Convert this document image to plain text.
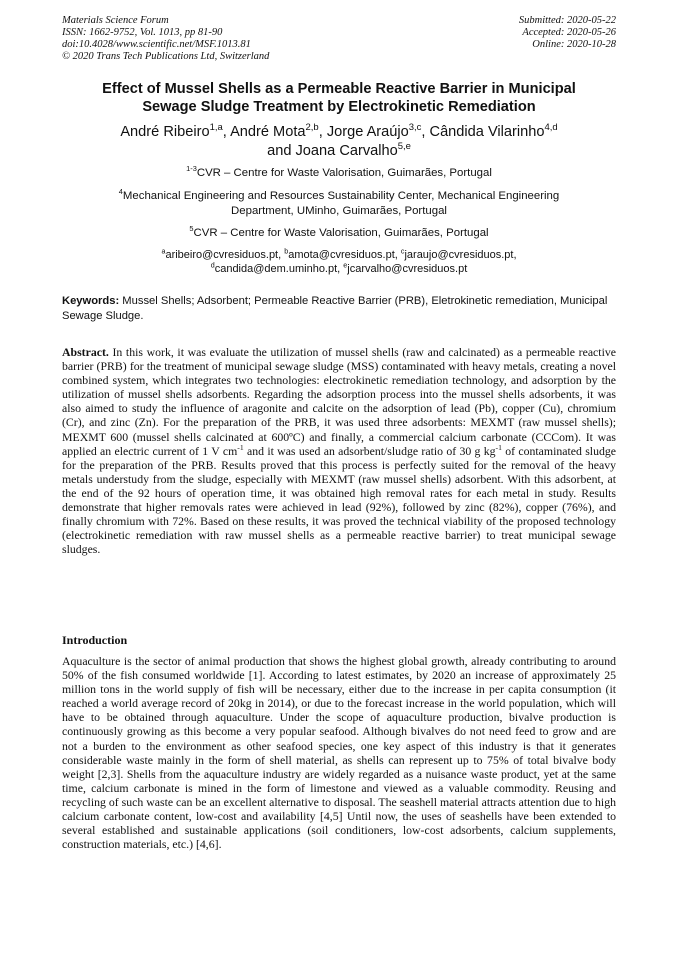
Materials Science Forum
ISSN: 1662-9752, Vol. 1013, pp 81-90
doi:10.4028/www.scientific.net/MSF.1013.81
© 2020 Trans Tech Publications Ltd, Switzerland
Submitted: 2020-05-22
Accepted: 2020-05-26
Online: 2020-10-28
Effect of Mussel Shells as a Permeable Reactive Barrier in Municipal
Sewage Sludge Treatment by Electrokinetic Remediation
André Ribeiro$^{1,a}$, André Mota$^{2,b}$, Jorge Araújo$^{3,c}$, Cândida Vilarinho$^{4,d}$
and Joana Carvalho$^{5,e}$
$^{1-3}$CVR – Centre for Waste Valorisation, Guimarães, Portugal
$^4$Mechanical Engineering and Resources Sustainability Center, Mechanical Engineering
Department, UMinho, Guimarães, Portugal
$^5$CVR – Centre for Waste Valorisation, Guimarães, Portugal
$^a$aribeiro@cvresiduos.pt, $^b$amota@cvresiduos.pt, $^c$jaraujo@cvresiduos.pt,
$^d$candida@dem.uminho.pt, $^e$jcarvalho@cvresiduos.pt
Keywords: Mussel Shells; Adsorbent; Permeable Reactive Barrier (PRB), Eletrokinetic remediation, Municipal Sewage Sludge.

Abstract. In this work, it was evaluate the utilization of mussel shells (raw and calcinated) as a permeable reactive barrier (PRB) for the treatment of municipal sewage sludge (MSS) contaminated with heavy metals, creating a novel combined system, which integrates two technologies: electrokinetic remediation technology, and adsorption by the utilization of mussel shells adsorbents. Regarding the adsorption process into the mussel shells adsorbents, it was also aimed to study the influence of aragonite and calcite on the adsorption of lead (Pb), copper (Cu), chromium (Cr), and zinc (Zn). For the preparation of the PRB, it was used three adsorbents: MEXMT (raw mussel shells); MEXMT 600 (mussel shells calcinated at 600ºC) and finally, a commercial calcium carbonate (CCCom). It was applied an electric current of 1 V $cm^{-1}$ and it was used an adsorbent/sludge ratio of 30 g $kg^{-1}$ of contaminated sludge for the preparation of the PRB. Results proved that this process is perfectly suited for the removal of the heavy metals understudy from the sludge, especially with MEXMT (raw mussel shells) adsorbent. With this adsorbent, at the end of the 92 hours of operation time, it was obtained high removal rates for each metal in study. Results demonstrate that higher removals rates were achieved in lead (92%), followed by zinc (82%), copper (76%), and finally chromium with 72%. Based on these results, it was proved the technical viability of the proposed technology (electrokinetic remediation with raw mussel shells as a permeable reactive barrier) to treat municipal sewage sludges.

Introduction

Aquaculture is the sector of animal production that shows the highest global growth, already contributing to around 50% of the fish consumed worldwide [1]. According to latest estimates, by 2020 an increase of approximately 25 million tons in the world supply of fish will be necessary, either due to the increase in per capita consumption (it reached a world average record of 20kg in 2014), or due to the forecast increase in the world population, which will have to be obtained through aquaculture. Under the scope of aquaculture production, bivalve production is continuously growing as this become a very popular seafood. Although bivalves do not need feed to grow and are not a burden to the environment as other seafood species, one key aspect of this industry is that it generates considerable waste mainly in the form of shell material, as shells can represent up to 75% of total bivalve body weight [2,3]. Shells from the aquaculture industry are widely regarded as a nuisance waste product, yet at the same time, calcium carbonate is mined in the form of limestone and viewed as a valuable commodity. Reusing and recycling of such waste can be an excellent alternative to disposal. The seashell material attracts attention due to high calcium carbonate content, low-cost and availability [4,5] Until now, the uses of seashells have been extended to several established and sustainable applications (soil conditioners, low-cost adsorbents, calcium supplements, construction materials, etc.) [4,6].
